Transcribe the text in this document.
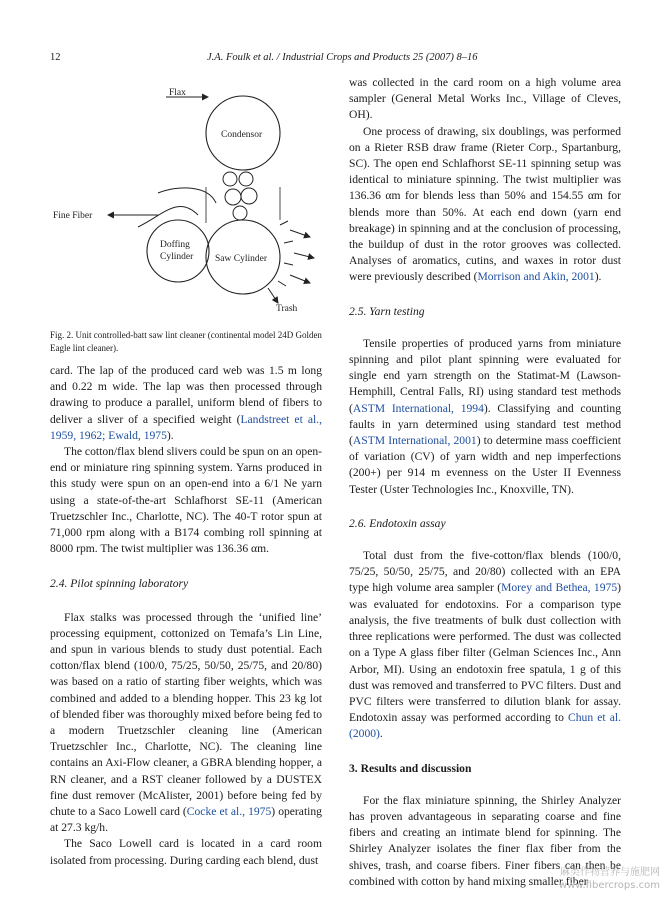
12	J.A. Foulk et al. / Industrial Crops and Products 25 (2007) 8–16
Flax
Condensor
Fine Fiber
Doffing
Cylinder Saw Cylinder
Trash
Fig. 2. Unit controlled-batt saw lint cleaner (continental model 24D Golden Eagle lint cleaner).

card. The lap of the produced card web was 1.5 m long and 0.22 m wide. The lap was then processed through drawing to produce a parallel, uniform blend of fibers to deliver a sliver of a specified weight (Landstreet et al., 1959, 1962; Ewald, 1975).

The cotton/flax blend slivers could be spun on an open-end or miniature ring spinning system. Yarns produced in this study were spun on an open-end into a 6/1 Ne yarn using a state-of-the-art Schlafhorst SE-11 (American Truetzschler Inc., Charlotte, NC). The 40-T rotor spun at 71,000 rpm along with a B174 combing roll spinning at 8000 rpm. The twist multiplier was 136.36 αm.

2.4. Pilot spinning laboratory

Flax stalks was processed through the ‘unified line’ processing equipment, cottonized on Temafa’s Lin Line, and spun in various blends to study dust potential. Each cotton/flax blend (100/0, 75/25, 50/50, 25/75, and 20/80) was based on a ratio of starting fiber weights, which was combined and added to a blending hopper. This 23 kg lot of blended fiber was thoroughly mixed before being fed to a modern Truetzschler cleaning line (American Truetzschler Inc., Charlotte, NC). The cleaning line contains an Axi-Flow cleaner, a GBRA blending hopper, a RN cleaner, and a RST cleaner followed by a DUSTEX fine dust remover (McAlister, 2001) before being fed by chute to a Saco Lowell card (Cocke et al., 1975) operating at 27.3 kg/h.

The Saco Lowell card is located in a card room isolated from processing. During carding each blend, dust

was collected in the card room on a high volume area sampler (General Metal Works Inc., Village of Cleves, OH).

One process of drawing, six doublings, was performed on a Rieter RSB draw frame (Rieter Corp., Spartanburg, SC). The open end Schlafhorst SE-11 spinning setup was identical to miniature spinning. The twist multiplier was 136.36 αm for blends less than 50% and 154.55 αm for blends more than 50%. At each end down (yarn end breakage) in spinning and at the conclusion of processing, the buildup of dust in the rotor grooves was collected. Analyses of aromatics, cutins, and waxes in rotor dust were previously described (Morrison and Akin, 2001).

2.5. Yarn testing

Tensile properties of produced yarns from miniature spinning and pilot plant spinning were evaluated for single end yarn strength on the Statimat-M (Lawson-Hemphill, Central Falls, RI) using standard test methods (ASTM International, 1994). Classifying and counting faults in yarn determined using standard test method (ASTM International, 2001) to determine mass coefficient of variation (CV) of yarn width and nep imperfections (200+) per 914 m evenness on the Uster II Evenness Tester (Uster Technologies Inc., Knoxville, TN).

2.6. Endotoxin assay

Total dust from the five-cotton/flax blends (100/0, 75/25, 50/50, 25/75, and 20/80) collected with an EPA type high volume area sampler (Morey and Bethea, 1975) was evaluated for endotoxins. For a comparison type analysis, the five treatments of bulk dust collection with three replications were performed. The dust was collected on a Type A glass fiber filter (Gelman Sciences Inc., Ann Arbor, MI). Using an endotoxin free spatula, 1 g of this dust was removed and transferred to PVC filters. Dust and PVC filters were transferred to dilution blank for assay. Endotoxin assay was performed according to Chun et al. (2000).

3. Results and discussion

For the flax miniature spinning, the Shirley Analyzer has proven advantageous in separating coarse and fine fibers and creating an intimate blend for spinning. The Shirley Analyzer isolates the finer flax fiber from the shives, trash, and coarse fibers. Finer fibers can then be combined with cotton by hand mixing smaller fiber

麻类作物营养与施肥网
www.fibercrops.com
